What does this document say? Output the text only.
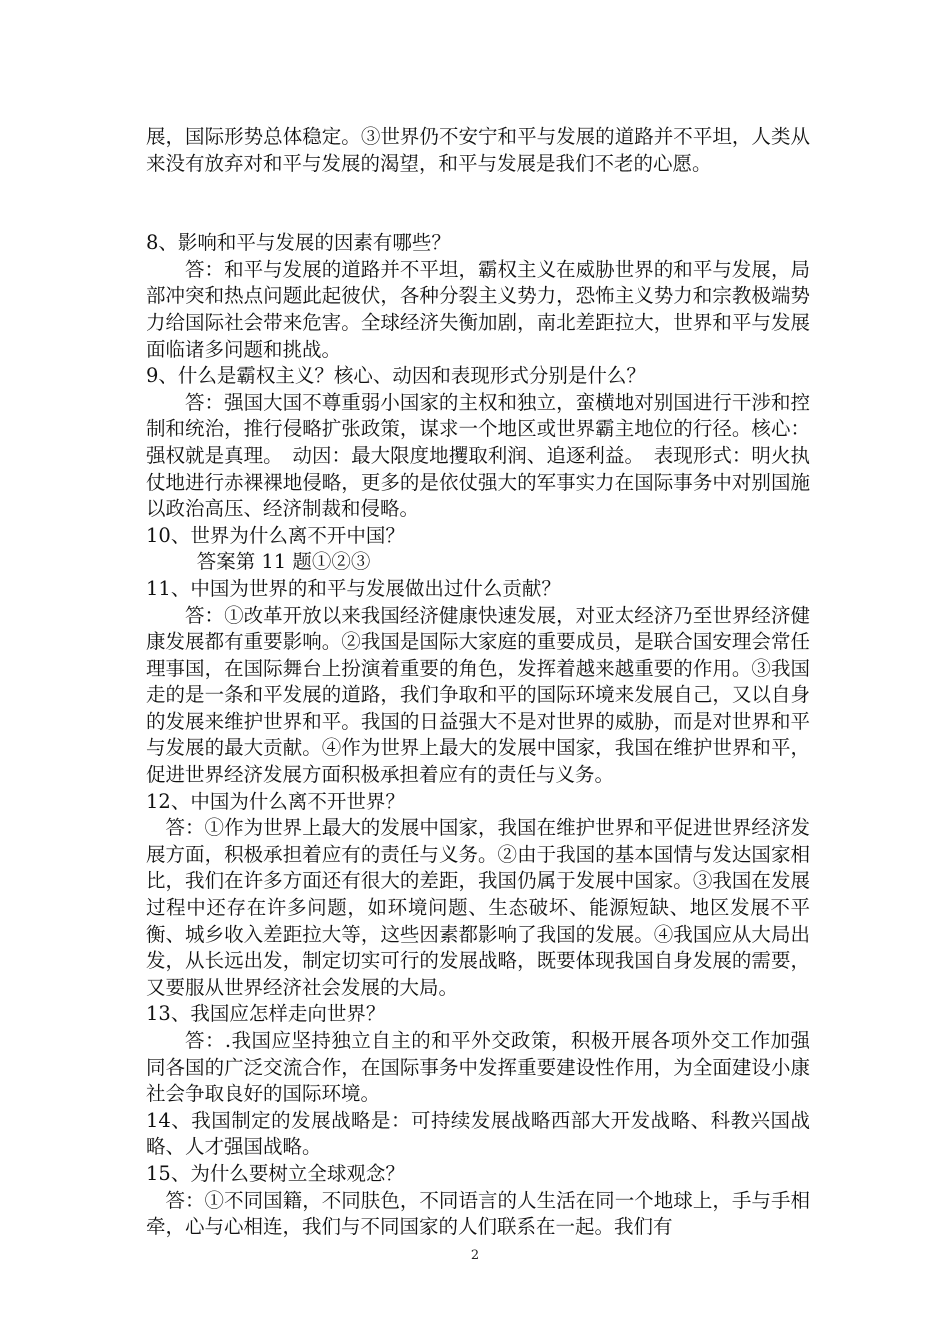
展，国际形势总体稳定。③世界仍不安宁和平与发展的道路并不平坦，人类从来没有放弃对和平与发展的渴望，和平与发展是我们不老的心愿。

8、影响和平与发展的因素有哪些？

答：和平与发展的道路并不平坦，霸权主义在威胁世界的和平与发展，局部冲突和热点问题此起彼伏，各种分裂主义势力，恐怖主义势力和宗教极端势力给国际社会带来危害。全球经济失衡加剧，南北差距拉大，世界和平与发展面临诸多问题和挑战。

9、什么是霸权主义？核心、动因和表现形式分别是什么？

答：强国大国不尊重弱小国家的主权和独立，蛮横地对别国进行干涉和控制和统治，推行侵略扩张政策，谋求一个地区或世界霸主地位的行径。核心：强权就是真理。　动因：最大限度地攫取利润、追逐利益。　表现形式：明火执仗地进行赤裸裸地侵略，更多的是依仗强大的军事实力在国际事务中对别国施以政治高压、经济制裁和侵略。

10、世界为什么离不开中国？

答案第 11 题①②③

11、中国为世界的和平与发展做出过什么贡献？

答：①改革开放以来我国经济健康快速发展，对亚太经济乃至世界经济健康发展都有重要影响。②我国是国际大家庭的重要成员，是联合国安理会常任理事国，在国际舞台上扮演着重要的角色，发挥着越来越重要的作用。③我国走的是一条和平发展的道路，我们争取和平的国际环境来发展自己，又以自身的发展来维护世界和平。我国的日益强大不是对世界的威胁，而是对世界和平与发展的最大贡献。④作为世界上最大的发展中国家，我国在维护世界和平，促进世界经济发展方面积极承担着应有的责任与义务。

12、中国为什么离不开世界？

答：①作为世界上最大的发展中国家，我国在维护世界和平促进世界经济发展方面，积极承担着应有的责任与义务。②由于我国的基本国情与发达国家相比，我们在许多方面还有很大的差距，我国仍属于发展中国家。③我国在发展过程中还存在许多问题，如环境问题、生态破坏、能源短缺、地区发展不平衡、城乡收入差距拉大等，这些因素都影响了我国的发展。④我国应从大局出发，从长远出发，制定切实可行的发展战略，既要体现我国自身发展的需要，又要服从世界经济社会发展的大局。

13、我国应怎样走向世界？

答：.我国应坚持独立自主的和平外交政策，积极开展各项外交工作加强同各国的广泛交流合作，在国际事务中发挥重要建设性作用，为全面建设小康社会争取良好的国际环境。

14、我国制定的发展战略是：可持续发展战略西部大开发战略、科教兴国战略、人才强国战略。

15、为什么要树立全球观念？

答：①不同国籍，不同肤色，不同语言的人生活在同一个地球上，手与手相牵，心与心相连，我们与不同国家的人们联系在一起。我们有

2
